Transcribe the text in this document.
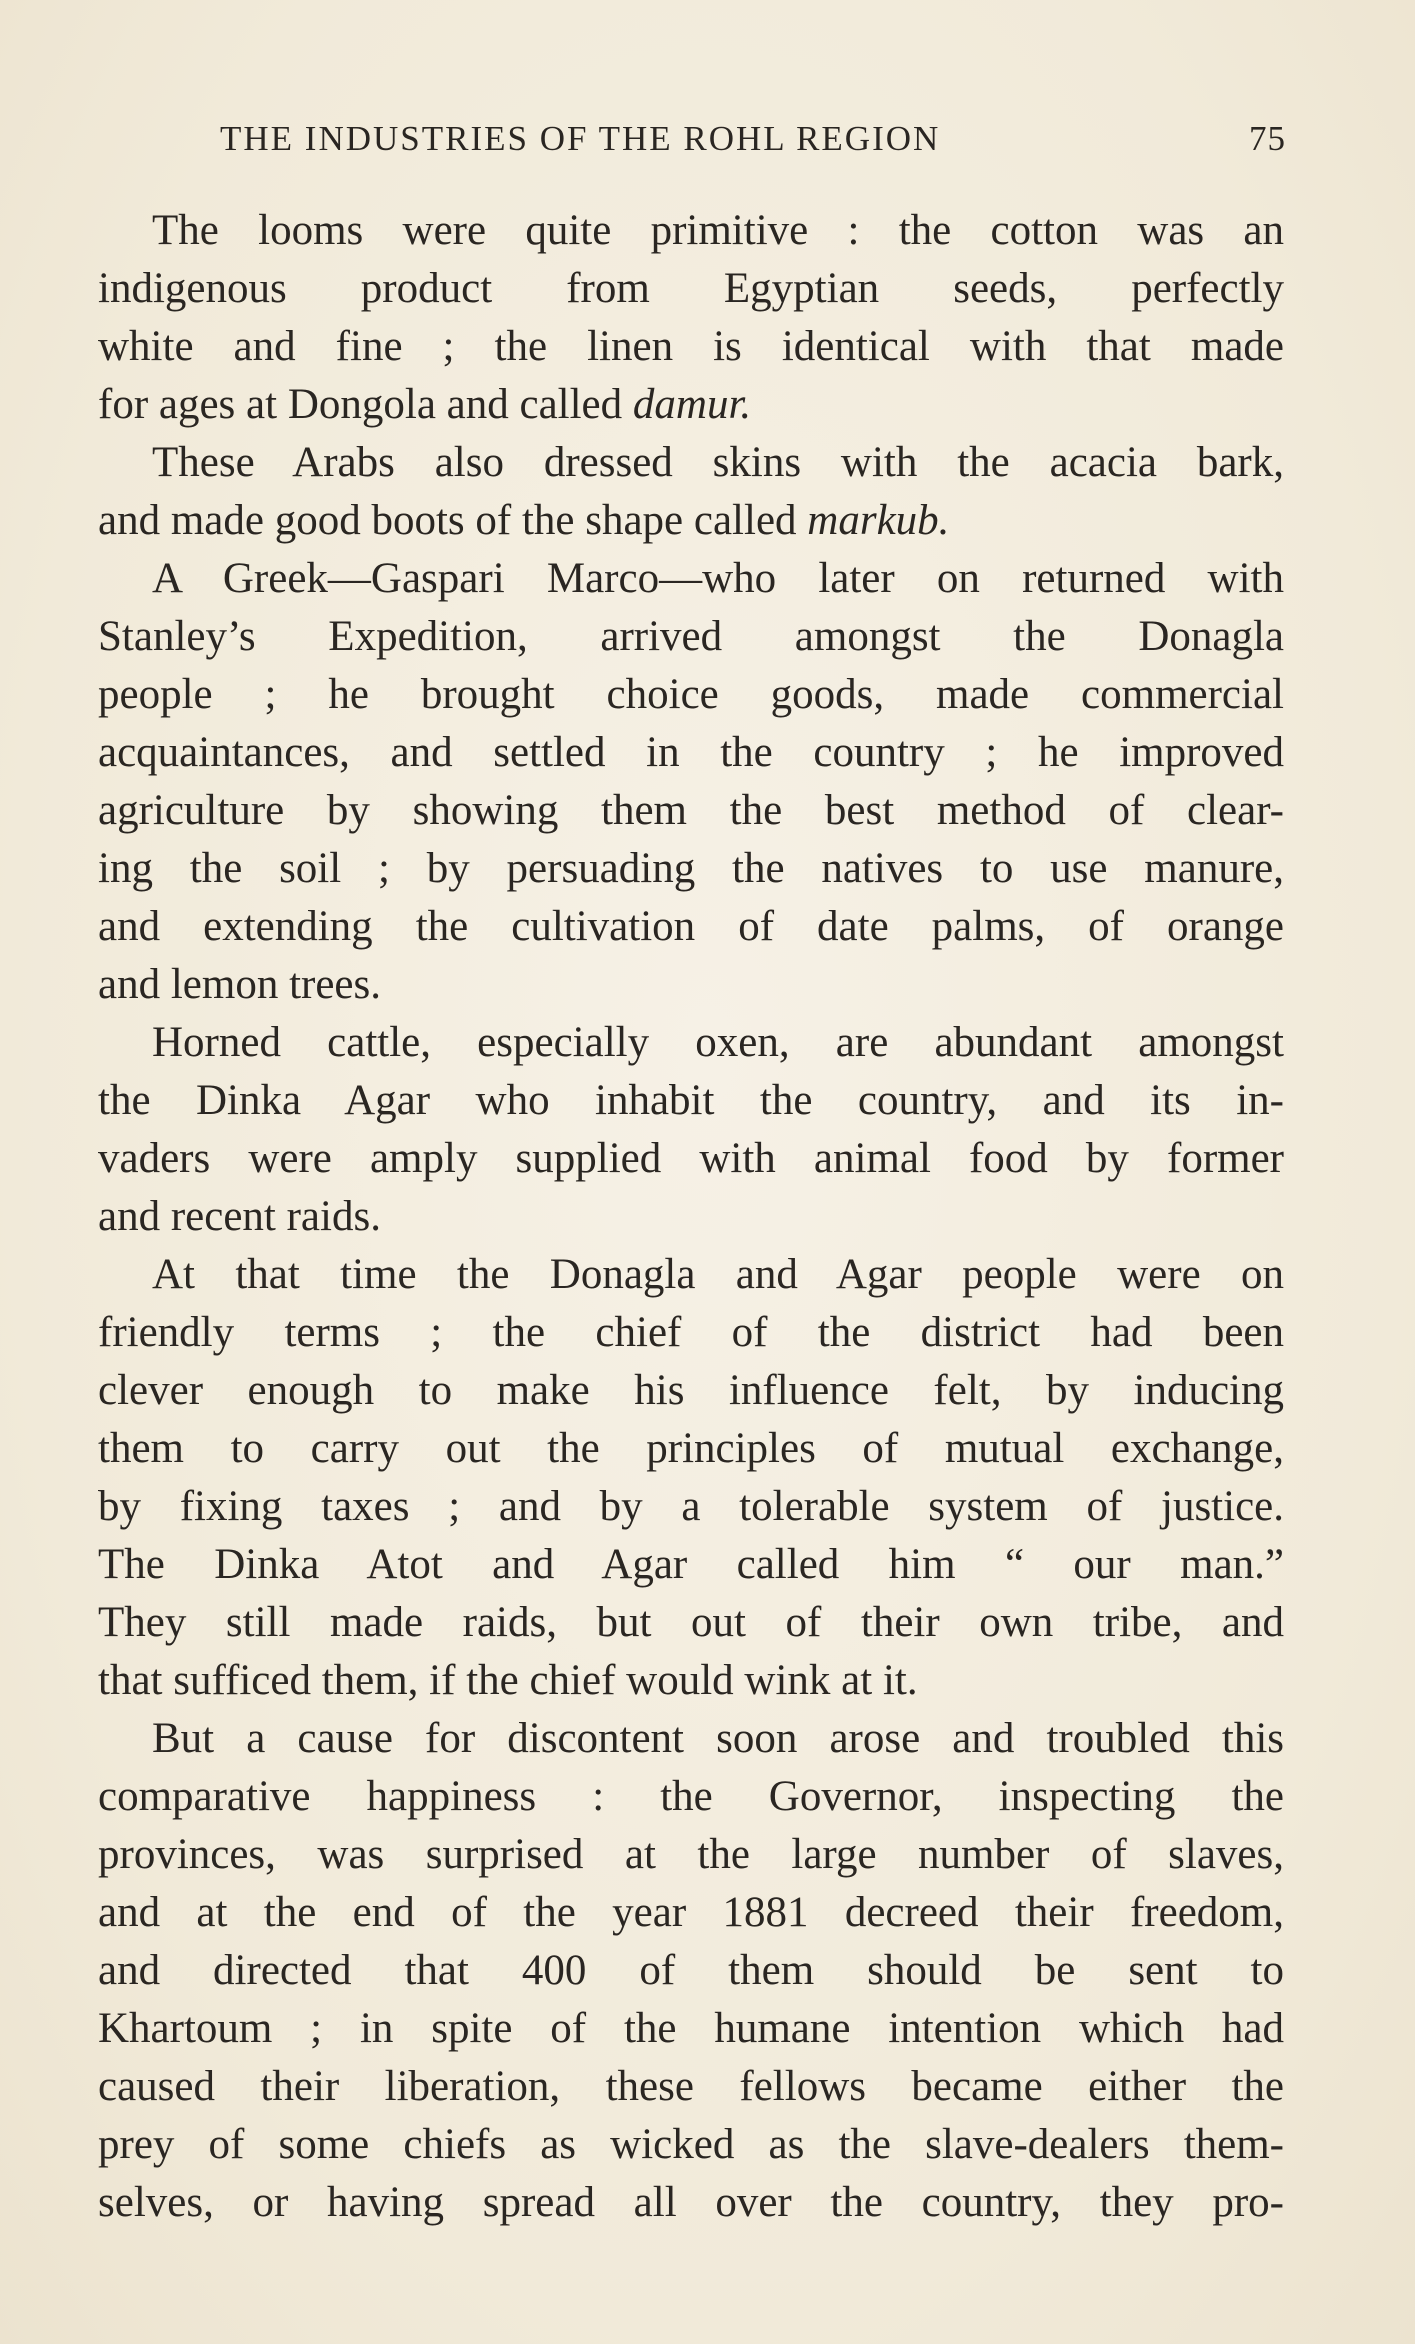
THE INDUSTRIES OF THE ROHL REGION	75
The looms were quite primitive : the cotton was an
indigenous product from Egyptian seeds, perfectly
white and fine ; the linen is identical with that made
for ages at Dongola and called damur.
These Arabs also dressed skins with the acacia bark,
and made good boots of the shape called markub.
A Greek—Gaspari Marco—who later on returned with
Stanley’s Expedition, arrived amongst the Donagla
people ; he brought choice goods, made commercial
acquaintances, and settled in the country ; he improved
agriculture by showing them the best method of clear-
ing the soil ; by persuading the natives to use manure,
and extending the cultivation of date palms, of orange
and lemon trees.
Horned cattle, especially oxen, are abundant amongst
the Dinka Agar who inhabit the country, and its in-
vaders were amply supplied with animal food by former
and recent raids.
At that time the Donagla and Agar people were on
friendly terms ; the chief of the district had been
clever enough to make his influence felt, by inducing
them to carry out the principles of mutual exchange,
by fixing taxes ; and by a tolerable system of justice.
The Dinka Atot and Agar called him “ our man.”
They still made raids, but out of their own tribe, and
that sufficed them, if the chief would wink at it.
But a cause for discontent soon arose and troubled this
comparative happiness : the Governor, inspecting the
provinces, was surprised at the large number of slaves,
and at the end of the year 1881 decreed their freedom,
and directed that 400 of them should be sent to
Khartoum ; in spite of the humane intention which had
caused their liberation, these fellows became either the
prey of some chiefs as wicked as the slave-dealers them-
selves, or having spread all over the country, they pro-
